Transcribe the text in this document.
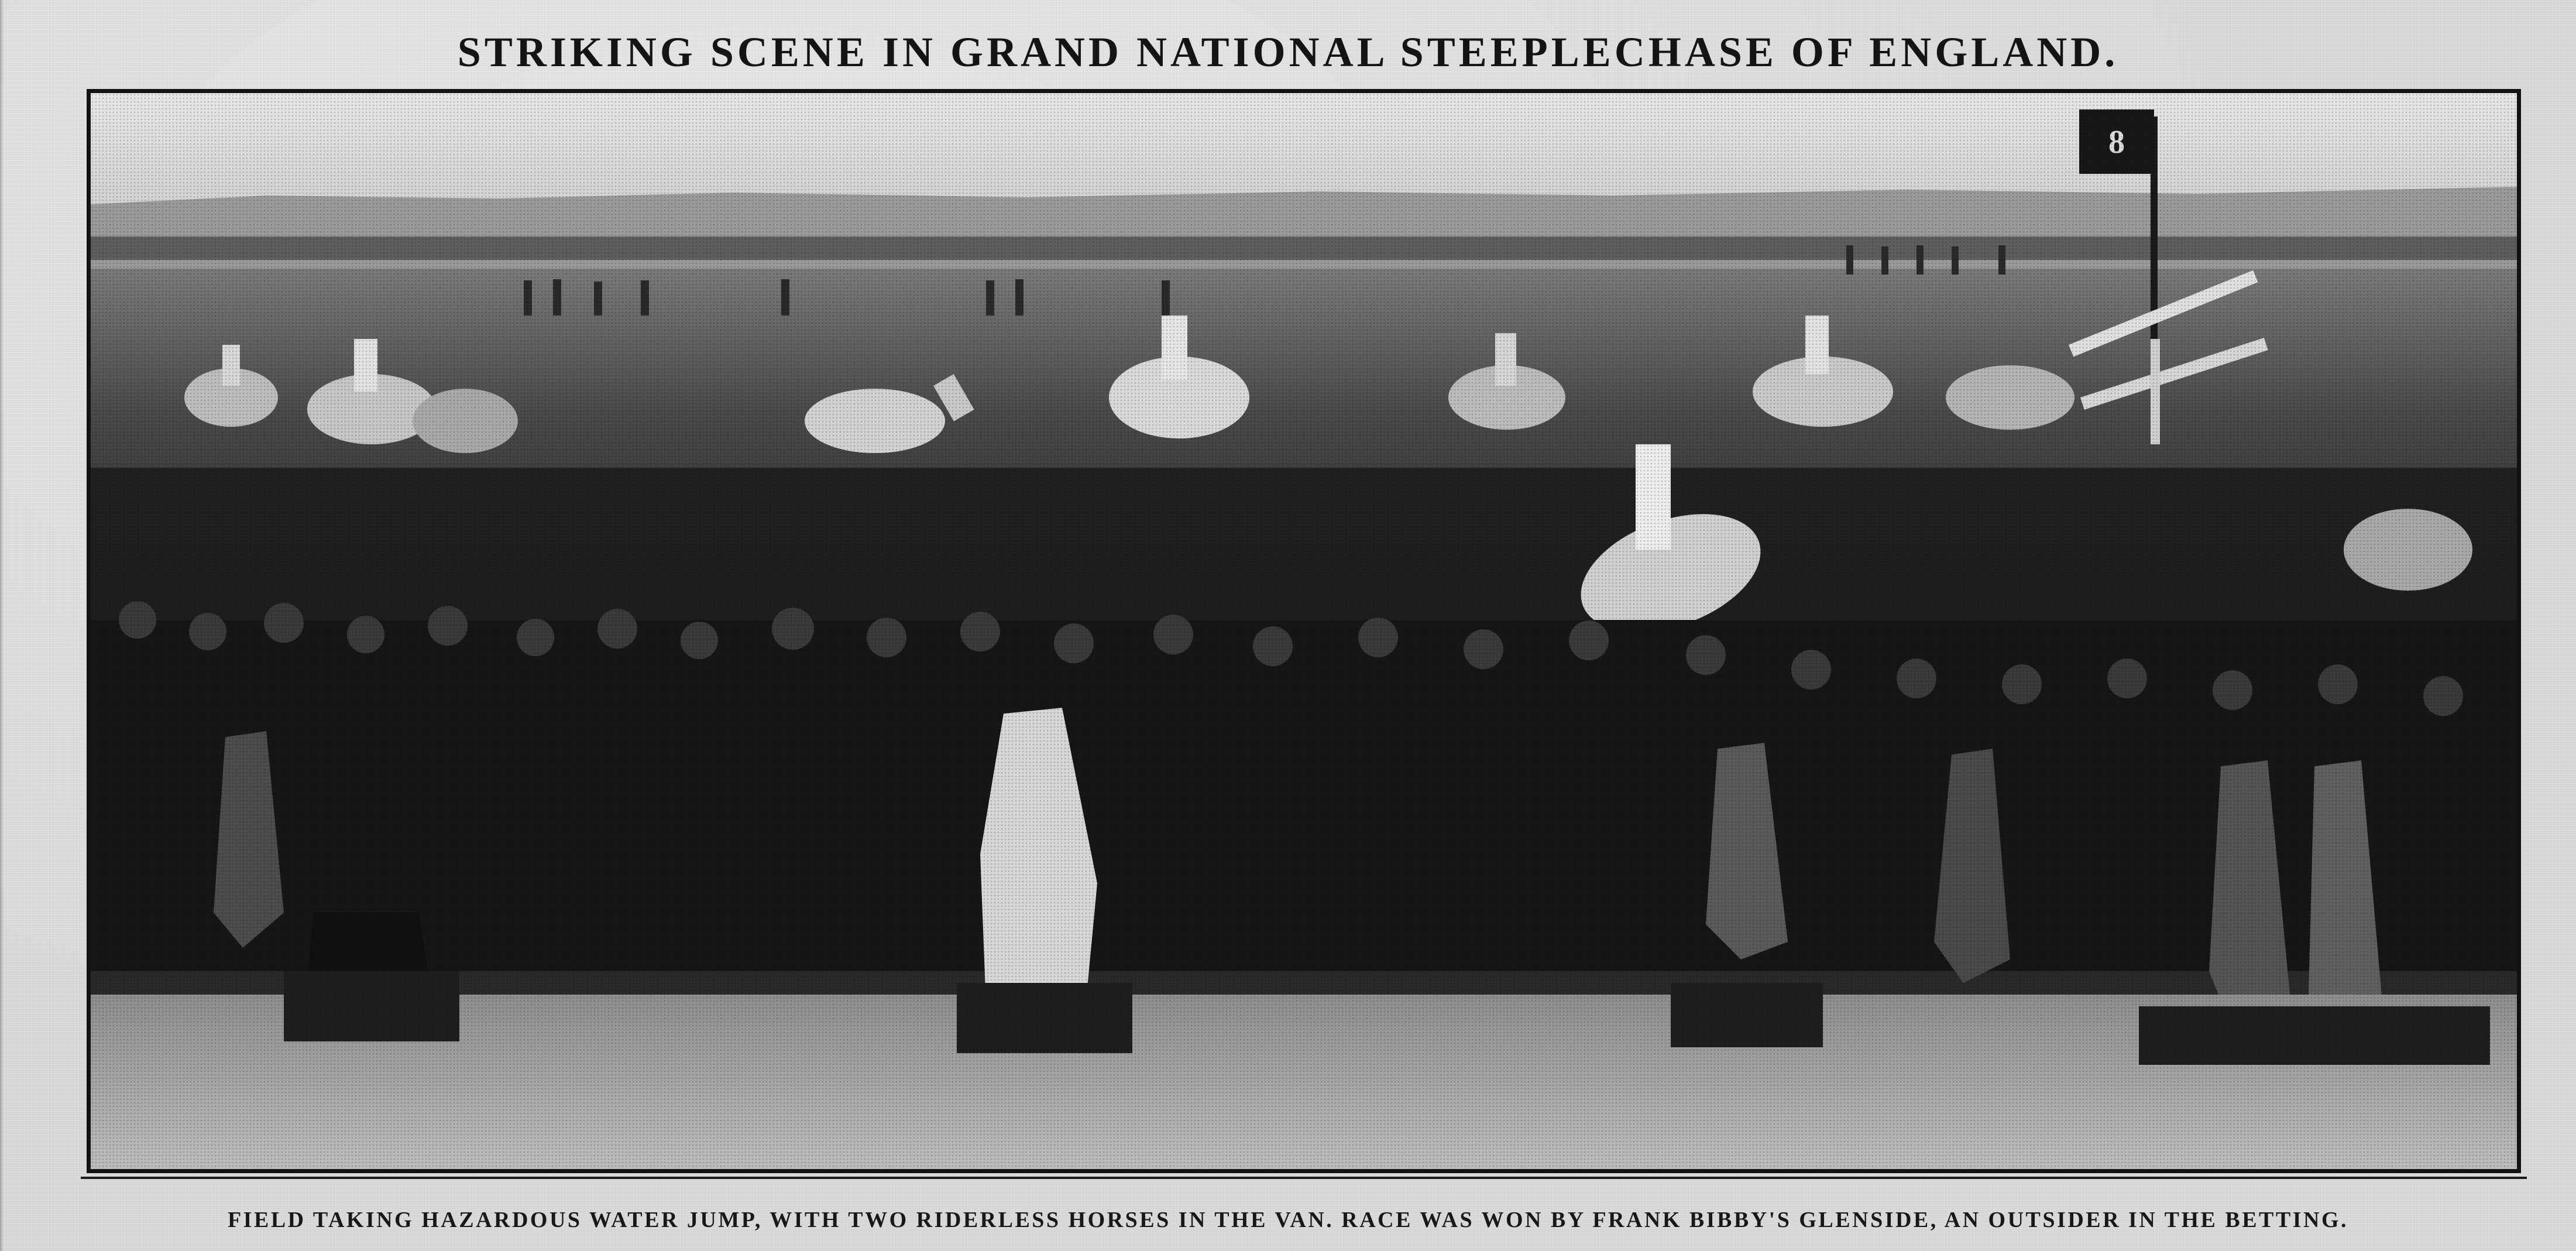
STRIKING SCENE IN GRAND NATIONAL STEEPLECHASE OF ENGLAND.
FIELD TAKING HAZARDOUS WATER JUMP, WITH TWO RIDERLESS HORSES IN THE VAN. RACE WAS WON BY FRANK BIBBY'S GLENSIDE, AN OUTSIDER IN THE BETTING.
